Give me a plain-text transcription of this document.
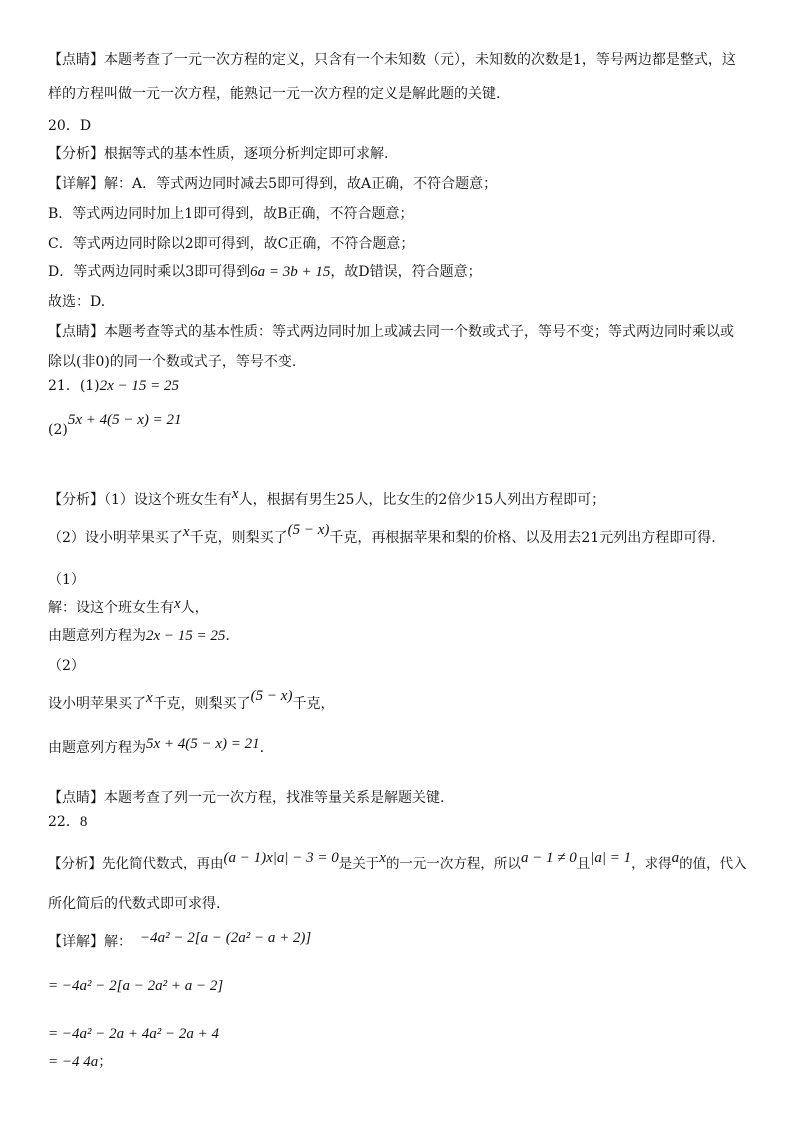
【点睛】本题考查了一元一次方程的定义，只含有一个未知数（元），未知数的次数是1，等号两边都是整式，这
样的方程叫做一元一次方程，能熟记一元一次方程的定义是解此题的关键.
20．D
【分析】根据等式的基本性质，逐项分析判定即可求解.
【详解】解：A．等式两边同时减去5即可得到，故A正确，不符合题意；
B．等式两边同时加上1即可得到，故B正确，不符合题意；
C．等式两边同时除以2即可得到，故C正确，不符合题意；
D．等式两边同时乘以3即可得到6a = 3b + 15，故D错误，符合题意；
故选：D.
【点睛】本题考查等式的基本性质：等式两边同时加上或减去同一个数或式子，等号不变；等式两边同时乘以或
除以(非0)的同一个数或式子，等号不变.
21．(1)2x − 15 = 25
(2)5x + 4(5 − x) = 21
【分析】（1）设这个班女生有x人，根据有男生25人，比女生的2倍少15人列出方程即可；
（2）设小明苹果买了x千克，则梨买了(5 − x)千克，再根据苹果和梨的价格、以及用去21元列出方程即可得.
（1）
解：设这个班女生有x人，
由题意列方程为2x − 15 = 25.
（2）
设小明苹果买了x千克，则梨买了(5 − x)千克，
由题意列方程为5x + 4(5 − x) = 21.
【点睛】本题考查了列一元一次方程，找准等量关系是解题关键.
22．8
【分析】先化简代数式，再由(a − 1)x|a| − 3 = 0是关于x的一元一次方程，所以a − 1 ≠ 0且|a| = 1，求得a的值，代入
所化简后的代数式即可求得.
【详解】解： −4a² − 2[a − (2a² − a + 2)]
= −4a² − 2[a − 2a² + a − 2]
= −4a² − 2a + 4a² − 2a + 4
= −4 4a；
